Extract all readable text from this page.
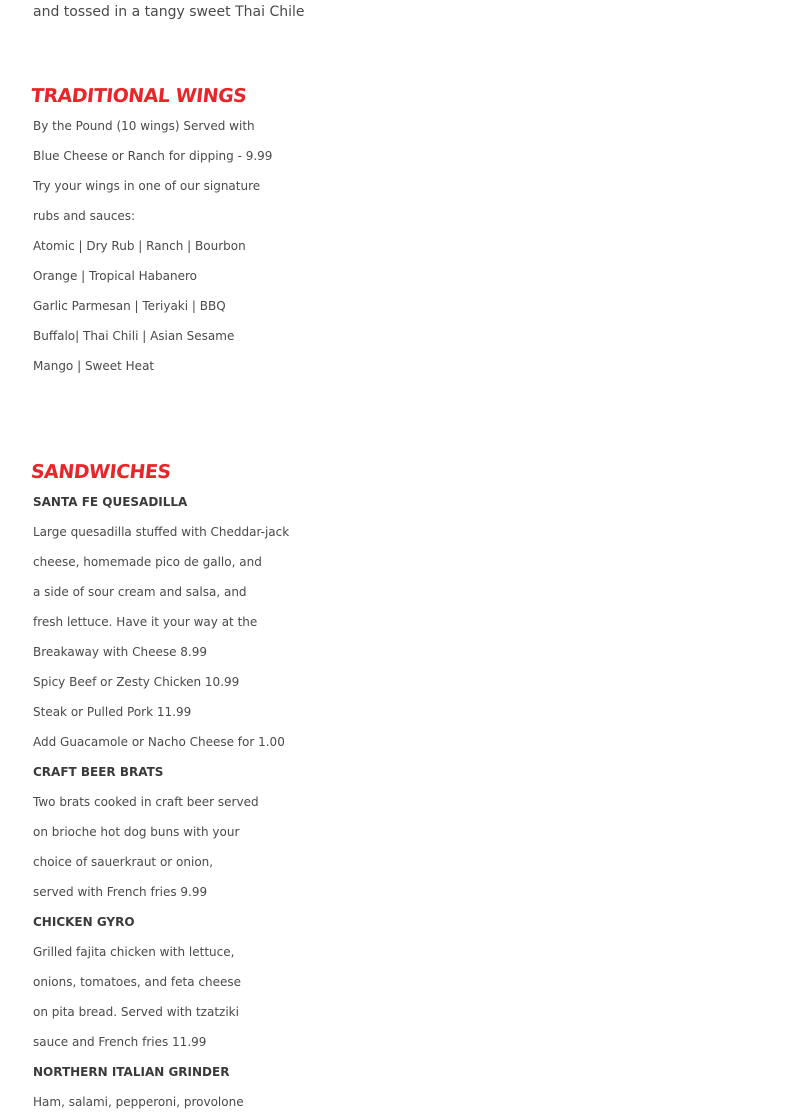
and tossed in a tangy sweet Thai Chile
TRADITIONAL WINGS
By the Pound (10 wings) Served with
Blue Cheese or Ranch for dipping - 9.99
Try your wings in one of our signature
rubs and sauces:
Atomic | Dry Rub | Ranch | Bourbon
Orange | Tropical Habanero
Garlic Parmesan | Teriyaki | BBQ
Buffalo| Thai Chili | Asian Sesame
Mango | Sweet Heat
SANDWICHES
SANTA FE QUESADILLA
Large quesadilla stuffed with Cheddar-jack
cheese, homemade pico de gallo, and
a side of sour cream and salsa, and
fresh lettuce. Have it your way at the
Breakaway with Cheese 8.99
Spicy Beef or Zesty Chicken 10.99
Steak or Pulled Pork 11.99
Add Guacamole or Nacho Cheese for 1.00
CRAFT BEER BRATS
Two brats cooked in craft beer served
on brioche hot dog buns with your
choice of sauerkraut or onion,
served with French fries 9.99
CHICKEN GYRO
Grilled fajita chicken with lettuce,
onions, tomatoes, and feta cheese
on pita bread. Served with tzatziki
sauce and French fries 11.99
NORTHERN ITALIAN GRINDER
Ham, salami, pepperoni, provolone
